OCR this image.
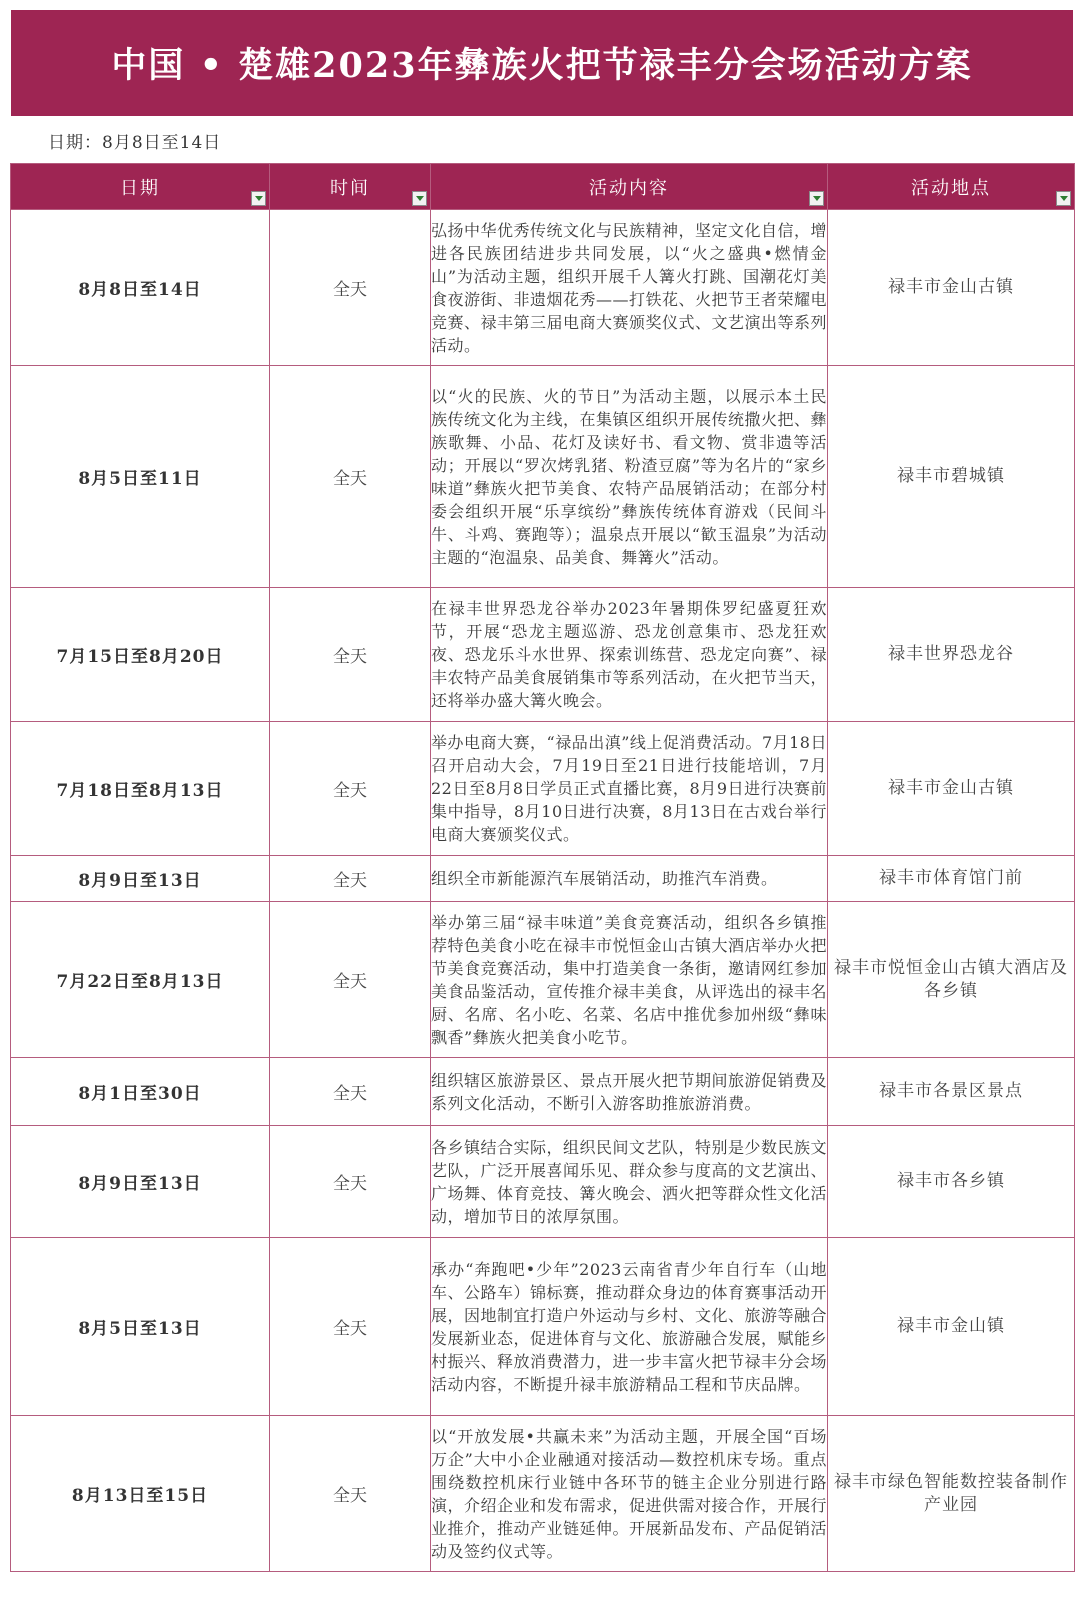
中国 • 楚雄2023年彝族火把节禄丰分会场活动方案
日期：8月8日至14日
日期	时间	活动内容	活动地点

8月8日至14日	全天	弘扬中华优秀传统文化与民族精神，坚定文化自信，增进各民族团结进步共同发展，以“火之盛典•燃情金山”为活动主题，组织开展千人篝火打跳、国潮花灯美食夜游街、非遗烟花秀——打铁花、火把节王者荣耀电竞赛、禄丰第三届电商大赛颁奖仪式、文艺演出等系列活动。	禄丰市金山古镇
8月5日至11日	全天	以“火的民族、火的节日”为活动主题，以展示本土民族传统文化为主线，在集镇区组织开展传统撒火把、彝族歌舞、小品、花灯及读好书、看文物、赏非遗等活动；开展以“罗次烤乳猪、粉渣豆腐”等为名片的“家乡味道”彝族火把节美食、农特产品展销活动；在部分村委会组织开展“乐享缤纷”彝族传统体育游戏（民间斗牛、斗鸡、赛跑等）；温泉点开展以“歓玉温泉”为活动主题的“泡温泉、品美食、舞篝火”活动。	禄丰市碧城镇
7月15日至8月20日	全天	在禄丰世界恐龙谷举办2023年暑期侏罗纪盛夏狂欢节，开展“恐龙主题巡游、恐龙创意集市、恐龙狂欢夜、恐龙乐斗水世界、探索训练营、恐龙定向赛”、禄丰农特产品美食展销集市等系列活动，在火把节当天，还将举办盛大篝火晚会。	禄丰世界恐龙谷
7月18日至8月13日	全天	举办电商大赛，“禄品出滇”线上促消费活动。7月18日召开启动大会，7月19日至21日进行技能培训，7月22日至8月8日学员正式直播比赛，8月9日进行决赛前集中指导，8月10日进行决赛，8月13日在古戏台举行电商大赛颁奖仪式。	禄丰市金山古镇
8月9日至13日	全天	组织全市新能源汽车展销活动，助推汽车消费。	禄丰市体育馆门前
7月22日至8月13日	全天	举办第三届“禄丰味道”美食竞赛活动，组织各乡镇推荐特色美食小吃在禄丰市悦恒金山古镇大酒店举办火把节美食竞赛活动，集中打造美食一条街，邀请网红参加美食品鉴活动，宣传推介禄丰美食，从评选出的禄丰名厨、名席、名小吃、名菜、名店中推优参加州级“彝味飘香”彝族火把美食小吃节。	禄丰市悦恒金山古镇大酒店及各乡镇
8月1日至30日	全天	组织辖区旅游景区、景点开展火把节期间旅游促销费及系列文化活动，不断引入游客助推旅游消费。	禄丰市各景区景点
8月9日至13日	全天	各乡镇结合实际，组织民间文艺队，特别是少数民族文艺队，广泛开展喜闻乐见、群众参与度高的文艺演出、广场舞、体育竞技、篝火晚会、洒火把等群众性文化活动，增加节日的浓厚氛围。	禄丰市各乡镇
8月5日至13日	全天	承办“奔跑吧•少年”2023云南省青少年自行车（山地车、公路车）锦标赛，推动群众身边的体育赛事活动开展，因地制宜打造户外运动与乡村、文化、旅游等融合发展新业态，促进体育与文化、旅游融合发展，赋能乡村振兴、释放消费潜力，进一步丰富火把节禄丰分会场活动内容，不断提升禄丰旅游精品工程和节庆品牌。	禄丰市金山镇
8月13日至15日	全天	以“开放发展•共赢未来”为活动主题，开展全国“百场万企”大中小企业融通对接活动—数控机床专场。重点围绕数控机床行业链中各环节的链主企业分别进行路演，介绍企业和发布需求，促进供需对接合作，开展行业推介，推动产业链延伸。开展新品发布、产品促销活动及签约仪式等。	禄丰市绿色智能数控装备制作产业园
